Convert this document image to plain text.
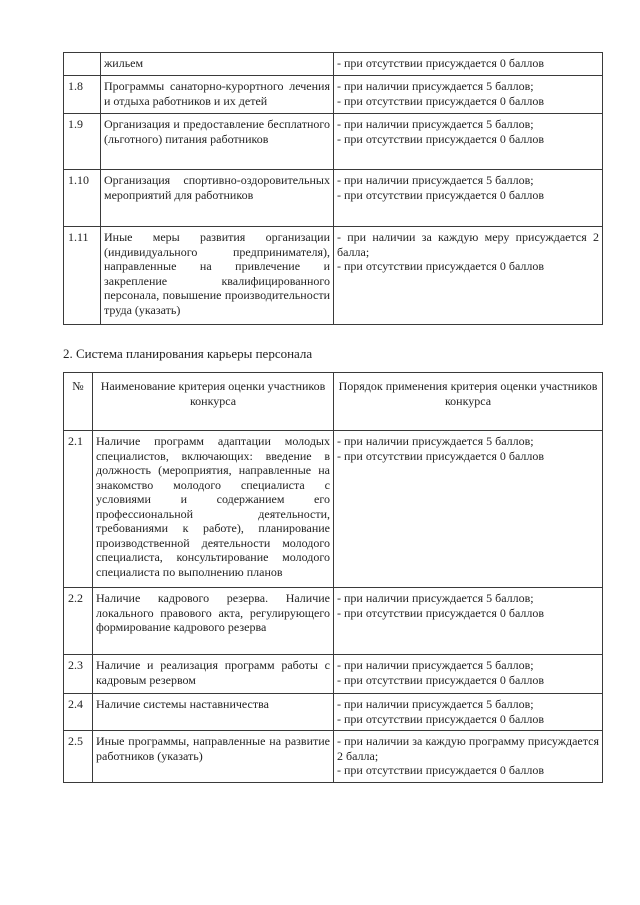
	жильем	- при отсутствии присуждается 0 баллов

1.8	Программы санаторно-курортного лечения и отдыха работников и их детей	- при наличии присуждается 5 баллов;
- при отсутствии присуждается 0 баллов

1.9	Организация и предоставление бесплатного (льготного) питания работников	- при наличии присуждается 5 баллов;
- при отсутствии присуждается 0 баллов

1.10	Организация спортивно-оздоровительных мероприятий для работников	- при наличии присуждается 5 баллов;
- при отсутствии присуждается 0 баллов

1.11	Иные меры развития организации (индивидуального предпринимателя), направленные на привлечение и закрепление квалифицированного персонала, повышение производительности труда (указать)	- при наличии за каждую меру присуждается 2 балла;
- при отсутствии присуждается 0 баллов
2. Система планирования карьеры персонала
№	Наименование критерия оценки участников конкурса	Порядок применения критерия оценки участников конкурса
2.1	Наличие программ адаптации молодых специалистов, включающих: введение в должность (мероприятия, направленные на знакомство молодого специалиста с условиями и содержанием его профессиональной деятельности, требованиями к работе), планирование производственной деятельности молодого специалиста, консультирование молодого специалиста по выполнению планов	- при наличии присуждается 5 баллов;
- при отсутствии присуждается 0 баллов

2.2	Наличие кадрового резерва. Наличие локального правового акта, регулирующего формирование кадрового резерва	- при наличии присуждается 5 баллов;
- при отсутствии присуждается 0 баллов

2.3	Наличие и реализация программ работы с кадровым резервом	- при наличии присуждается 5 баллов;
- при отсутствии присуждается 0 баллов

2.4	Наличие системы наставничества	- при наличии присуждается 5 баллов;
- при отсутствии присуждается 0 баллов

2.5	Иные программы, направленные на развитие работников (указать)	- при наличии за каждую программу присуждается 2 балла;
- при отсутствии присуждается 0 баллов
